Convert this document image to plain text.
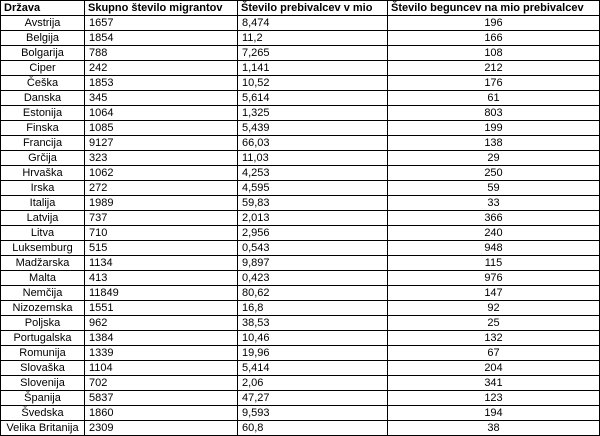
Država	Skupno število migrantov	Število prebivalcev v mio	Število beguncev na mio prebivalcev
Avstrija	1657	8,474	196
Belgija	1854	11,2	166
Bolgarija	788	7,265	108
Ciper	242	1,141	212
Češka	1853	10,52	176
Danska	345	5,614	61
Estonija	1064	1,325	803
Finska	1085	5,439	199
Francija	9127	66,03	138
Grčija	323	11,03	29
Hrvaška	1062	4,253	250
Irska	272	4,595	59
Italija	1989	59,83	33
Latvija	737	2,013	366
Litva	710	2,956	240
Luksemburg	515	0,543	948
Madžarska	1134	9,897	115
Malta	413	0,423	976
Nemčija	11849	80,62	147
Nizozemska	1551	16,8	92
Poljska	962	38,53	25
Portugalska	1384	10,46	132
Romunija	1339	19,96	67
Slovaška	1104	5,414	204
Slovenija	702	2,06	341
Španija	5837	47,27	123
Švedska	1860	9,593	194
Velika Britanija	2309	60,8	38
